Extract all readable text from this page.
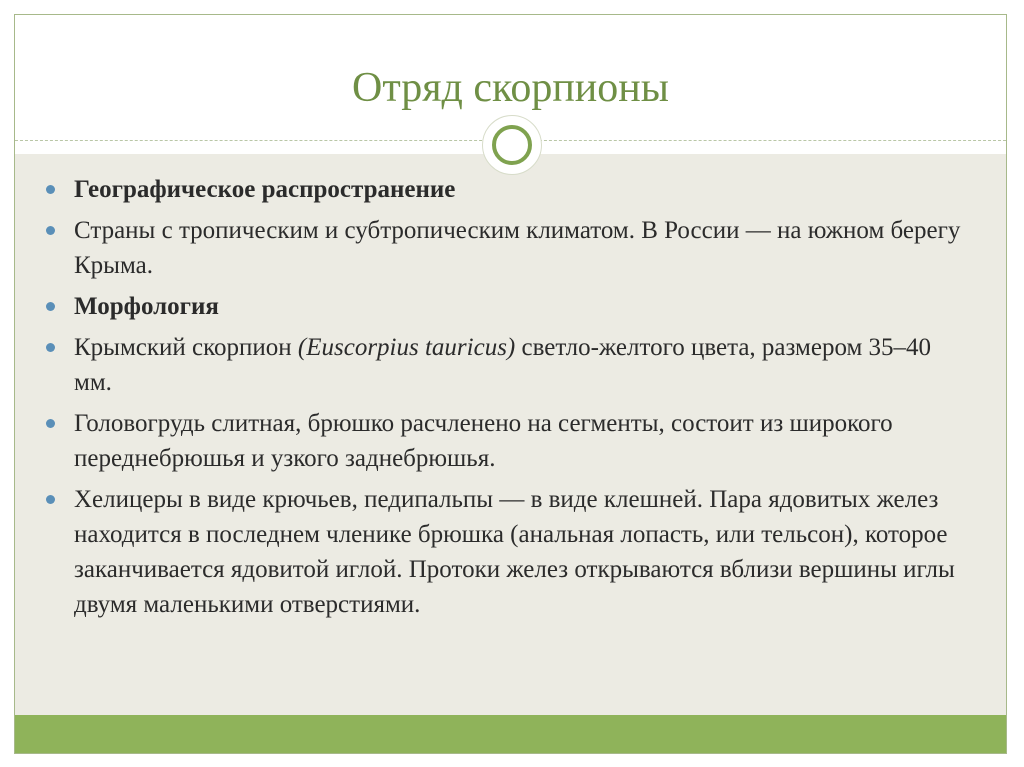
Отряд скорпионы
Географическое распространение
Страны с тропическим и субтропическим климатом. В России — на южном берегу Крыма.
Морфология
Крымский скорпион (Euscorpius tauricus) светло-желтого цвета, размером 35–40 мм.
Головогрудь слитная, брюшко расчленено на сегменты, состоит из широкого переднебрюшья и узкого заднебрюшья.
Хелицеры в виде крючьев, педипальпы — в виде клешней. Пара ядовитых желез находится в последнем членике брюшка (анальная лопасть, или тельсон), которое заканчивается ядовитой иглой. Протоки желез открываются вблизи вершины иглы двумя маленькими отверстиями.
